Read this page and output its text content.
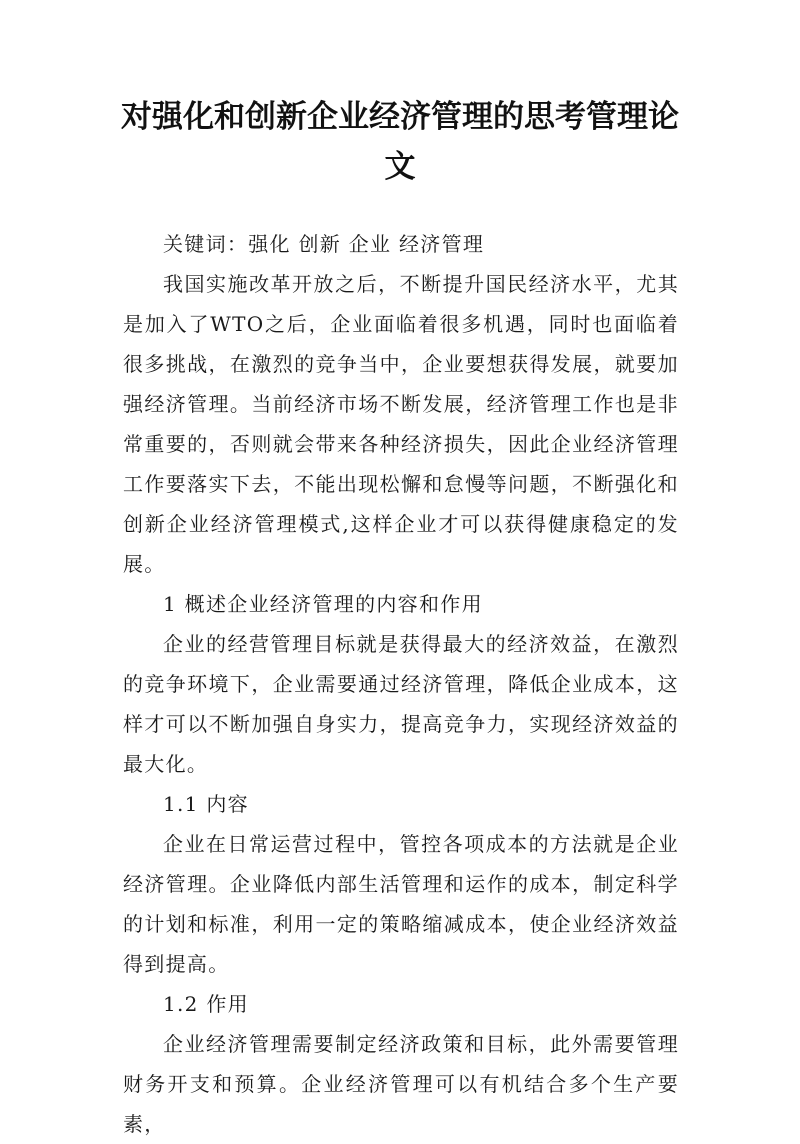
对强化和创新企业经济管理的思考管理论文

关键词：强化 创新 企业 经济管理

我国实施改革开放之后，不断提升国民经济水平，尤其是加入了WTO之后，企业面临着很多机遇，同时也面临着很多挑战，在激烈的竞争当中，企业要想获得发展，就要加强经济管理。当前经济市场不断发展，经济管理工作也是非常重要的，否则就会带来各种经济损失，因此企业经济管理工作要落实下去，不能出现松懈和怠慢等问题，不断强化和创新企业经济管理模式,这样企业才可以获得健康稳定的发展。

1 概述企业经济管理的内容和作用

企业的经营管理目标就是获得最大的经济效益，在激烈的竞争环境下，企业需要通过经济管理，降低企业成本，这样才可以不断加强自身实力，提高竞争力，实现经济效益的最大化。

1.1 内容

企业在日常运营过程中，管控各项成本的方法就是企业经济管理。企业降低内部生活管理和运作的成本，制定科学的计划和标准，利用一定的策略缩减成本，使企业经济效益得到提高。

1.2 作用

企业经济管理需要制定经济政策和目标，此外需要管理财务开支和预算。企业经济管理可以有机结合多个生产要素，
